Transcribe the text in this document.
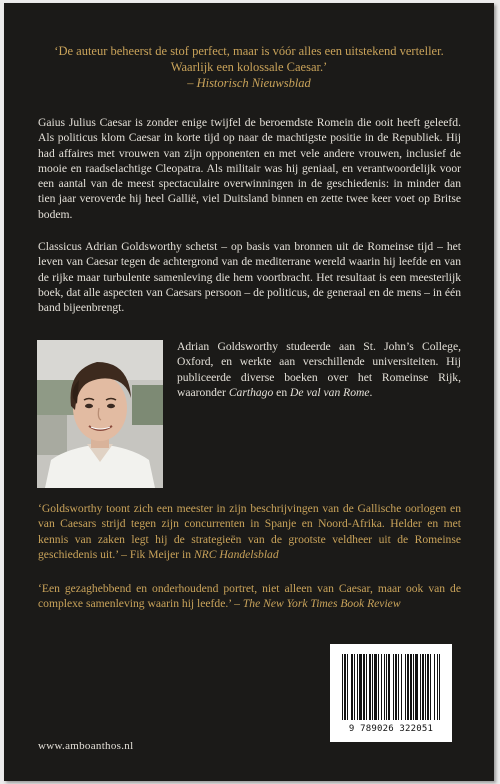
‘De auteur beheerst de stof perfect, maar is vóór alles een uitstekend verteller. Waarlijk een kolossale Caesar.’
– Historisch Nieuwsblad

Gaius Julius Caesar is zonder enige twijfel de beroemdste Romein die ooit heeft geleefd. Als politicus klom Caesar in korte tijd op naar de machtigste positie in de Republiek. Hij had affaires met vrouwen van zijn opponenten en met vele andere vrouwen, inclusief de mooie en raadselachtige Cleopatra. Als militair was hij geniaal, en verantwoordelijk voor een aantal van de meest spectaculaire overwinningen in de geschiedenis: in minder dan tien jaar veroverde hij heel Gallië, viel Duitsland binnen en zette twee keer voet op Britse bodem.

Classicus Adrian Goldsworthy schetst – op basis van bronnen uit de Romeinse tijd – het leven van Caesar tegen de achtergrond van de mediterrane wereld waarin hij leefde en van de rijke maar turbulente samenleving die hem voortbracht. Het resultaat is een meesterlijk boek, dat alle aspecten van Caesars persoon – de politicus, de generaal en de mens – in één band bijeenbrengt.

Adrian Goldsworthy studeerde aan St. John’s College, Oxford, en werkte aan verschillende universiteiten. Hij publiceerde diverse boeken over het Romeinse Rijk, waaronder Carthago en De val van Rome.

‘Goldsworthy toont zich een meester in zijn beschrijvingen van de Gallische oorlogen en van Caesars strijd tegen zijn concurrenten in Spanje en Noord-Afrika. Helder en met kennis van zaken legt hij de strategieën van de grootste veldheer uit de Romeinse geschiedenis uit.’ – Fik Meijer in NRC Handelsblad

‘Een gezaghebbend en onderhoudend portret, niet alleen van Caesar, maar ook van de complexe samenleving waarin hij leefde.’ – The New York Times Book Review

www.amboanthos.nl
9 789026 322051
